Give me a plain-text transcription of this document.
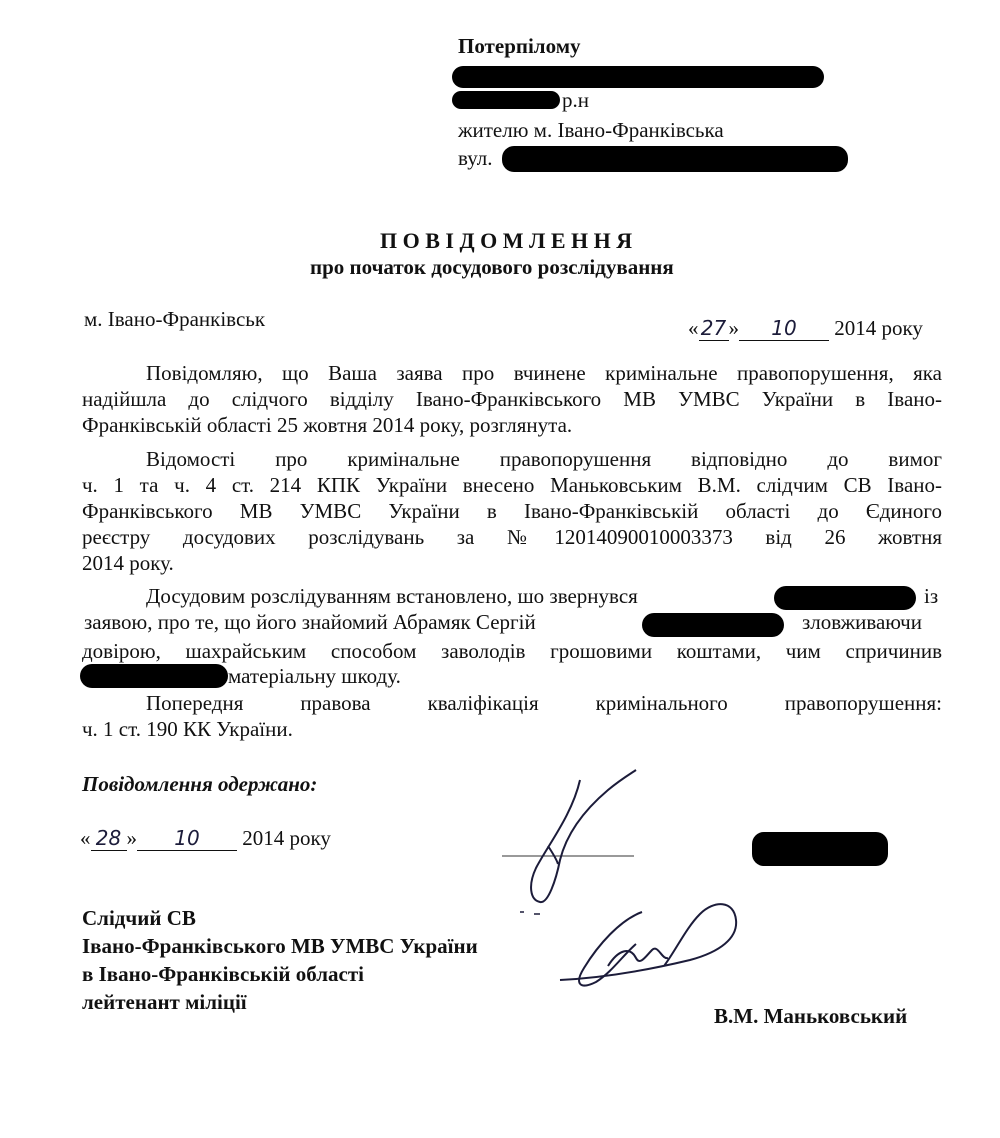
Потерпілому
р.н
жителю м. Івано-Франківська
вул.
П О В І Д О М Л Е Н Н Я
про початок досудового розслідування
м. Івано-Франківськ	« 27 » 10 2014 року
Повідомляю, що Ваша заява про вчинене кримінальне правопорушення, яка
надійшла до слідчого відділу Івано-Франківського МВ УМВС України в Івано-
Франківській області 25 жовтня 2014 року, розглянута.
Відомості про кримінальне правопорушення відповідно до вимог
ч. 1 та ч. 4 ст. 214 КПК України внесено Маньковським В.М. слідчим СВ Івано-
Франківського МВ УМВС України в Івано-Франківській області до Єдиного
реєстру досудових розслідувань за №12014090010003373 від 26 жовтня
2014 року.
Досудовим розслідуванням встановлено, шо звернувся	із
заявою, про те, що його знайомий Абрамяк Сергій	зловживаючи
довірою, шахрайським способом заволодів грошовими коштами, чим спричинив
матеріальну шкоду.
Попередня правова кваліфікація кримінального правопорушення:
ч. 1 ст. 190 КК України.
Повідомлення одержано:
« 28 » 10 2014 року
Слідчий СВ
Івано-Франківського МВ УМВС України
в Івано-Франківській області
лейтенант міліції
В.М. Маньковський
